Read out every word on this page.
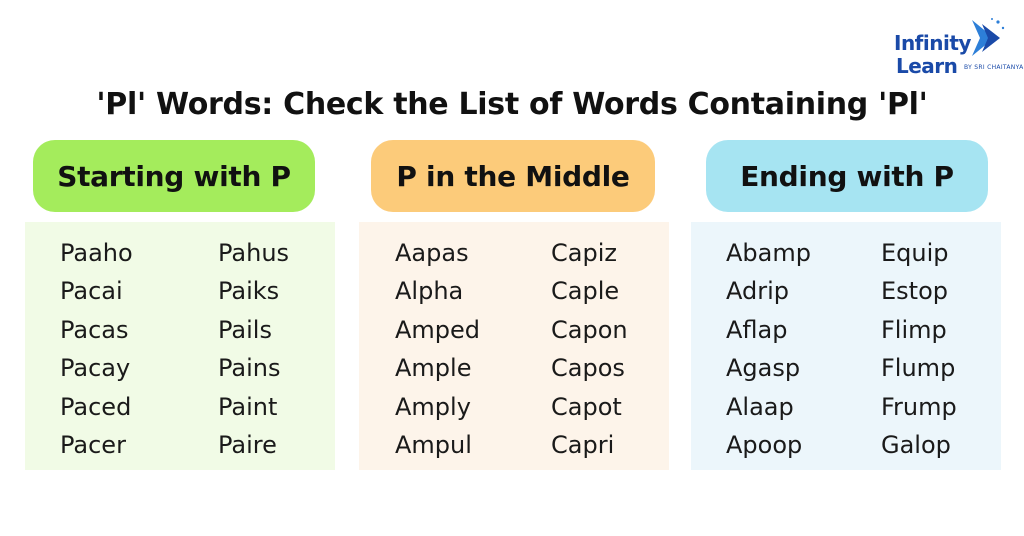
Infinity
Learn BY SRI CHAITANYA
'Pl' Words: Check the List of Words Containing 'Pl'
Starting with P
Paaho
Pacai
Pacas
Pacay
Paced
Pacer
Pahus
Paiks
Pails
Pains
Paint
Paire
P in the Middle
Aapas
Alpha
Amped
Ample
Amply
Ampul
Capiz
Caple
Capon
Capos
Capot
Capri
Ending with P
Abamp
Adrip
Aflap
Agasp
Alaap
Apoop
Equip
Estop
Flimp
Flump
Frump
Galop
